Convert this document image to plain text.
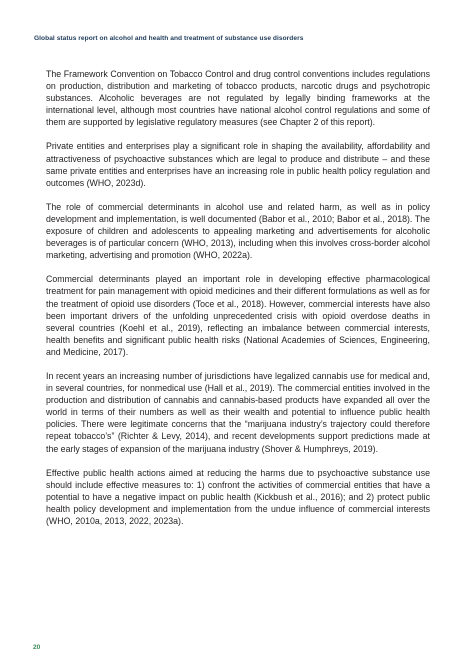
Global status report on alcohol and health and treatment of substance use disorders

The Framework Convention on Tobacco Control and drug control conventions includes regulations on production, distribution and marketing of tobacco products, narcotic drugs and psychotropic substances. Alcoholic beverages are not regulated by legally binding frameworks at the international level, although most countries have national alcohol control regulations and some of them are supported by legislative regulatory measures (see Chapter 2 of this report).

Private entities and enterprises play a significant role in shaping the availability, affordability and attractiveness of psychoactive substances which are legal to produce and distribute – and these same private entities and enterprises have an increasing role in public health policy regulation and outcomes (WHO, 2023d).

The role of commercial determinants in alcohol use and related harm, as well as in policy development and implementation, is well documented (Babor et al., 2010; Babor et al., 2018). The exposure of children and adolescents to appealing marketing and advertisements for alcoholic beverages is of particular concern (WHO, 2013), including when this involves cross-border alcohol marketing, advertising and promotion (WHO, 2022a).

Commercial determinants played an important role in developing effective pharmacological treatment for pain management with opioid medicines and their different formulations as well as for the treatment of opioid use disorders (Toce et al., 2018). However, commercial interests have also been important drivers of the unfolding unprecedented crisis with opioid overdose deaths in several countries (Koehl et al., 2019), reflecting an imbalance between commercial interests, health benefits and significant public health risks (National Academies of Sciences, Engineering, and Medicine, 2017).

In recent years an increasing number of jurisdictions have legalized cannabis use for medical and, in several countries, for nonmedical use (Hall et al., 2019). The commercial entities involved in the production and distribution of cannabis and cannabis-based products have expanded all over the world in terms of their numbers as well as their wealth and potential to influence public health policies. There were legitimate concerns that the “marijuana industry’s trajectory could therefore repeat tobacco’s” (Richter & Levy, 2014), and recent developments support predictions made at the early stages of expansion of the marijuana industry (Shover & Humphreys, 2019).

Effective public health actions aimed at reducing the harms due to psychoactive substance use should include effective measures to: 1) confront the activities of commercial entities that have a potential to have a negative impact on public health (Kickbush et al., 2016); and 2) protect public health policy development and implementation from the undue influence of commercial interests (WHO, 2010a, 2013, 2022, 2023a).

20
